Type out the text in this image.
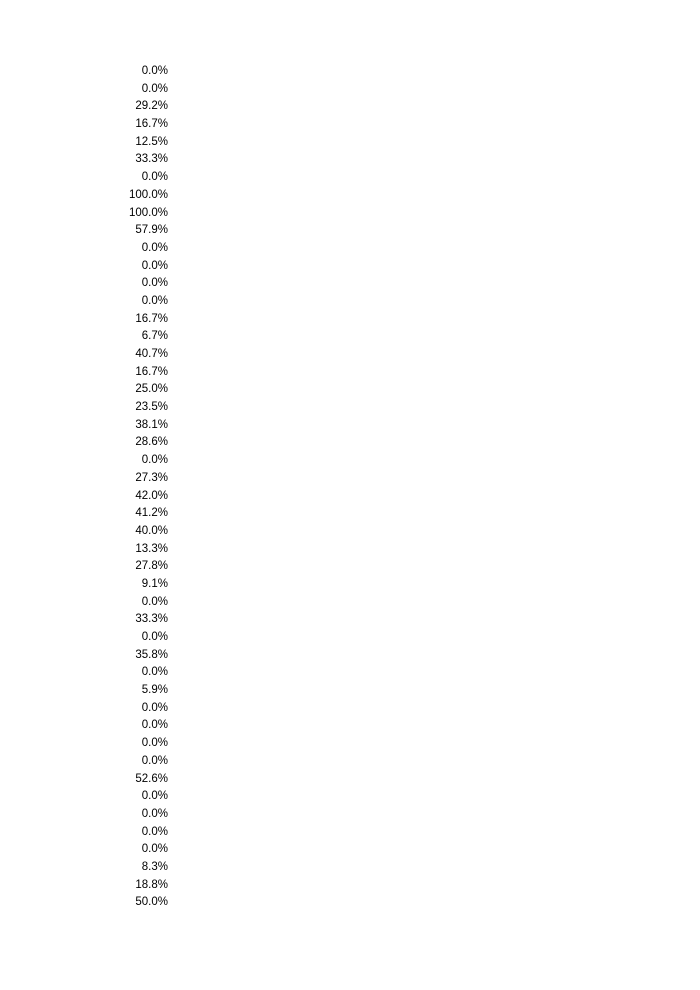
0.0%
0.0%
29.2%
16.7%
12.5%
33.3%
0.0%
100.0%
100.0%
57.9%
0.0%
0.0%
0.0%
0.0%
16.7%
6.7%
40.7%
16.7%
25.0%
23.5%
38.1%
28.6%
0.0%
27.3%
42.0%
41.2%
40.0%
13.3%
27.8%
9.1%
0.0%
33.3%
0.0%
35.8%
0.0%
5.9%
0.0%
0.0%
0.0%
0.0%
52.6%
0.0%
0.0%
0.0%
0.0%
8.3%
18.8%
50.0%
